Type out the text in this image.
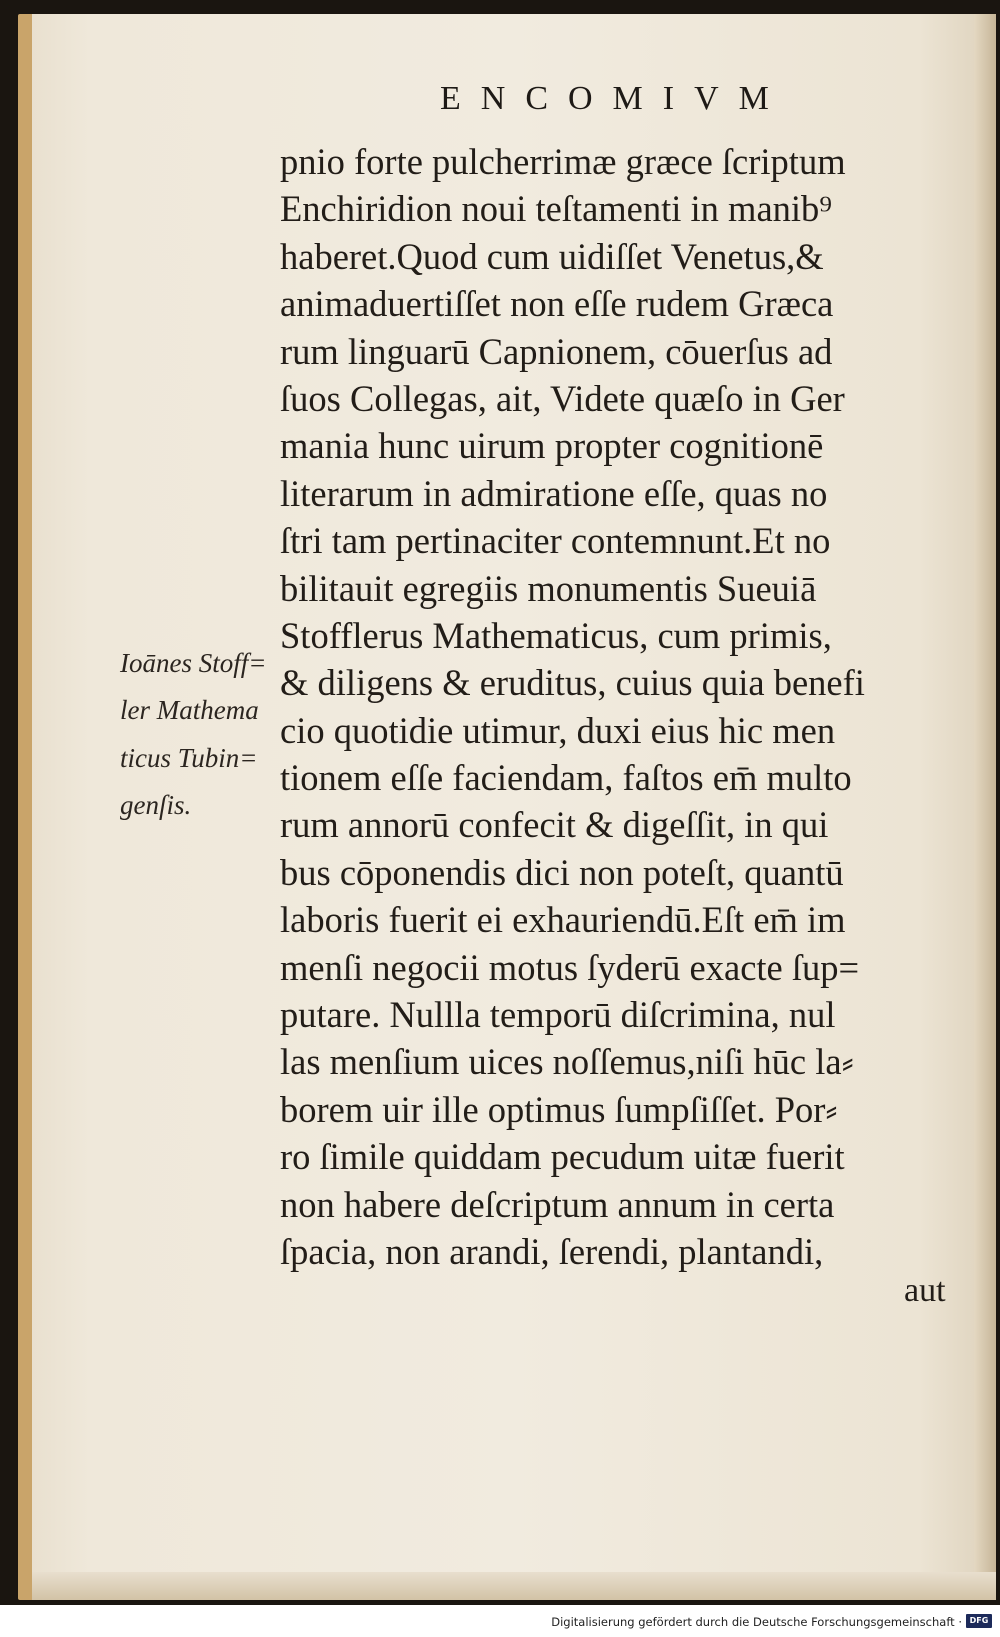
ENCOMIVM
Ioānes Stoff=
ler Mathema
ticus Tubin=
genſis.
pnio forte pulcherrimæ græce ſcriptum
Enchiridion noui teſtamenti in manib⁹
haberet.Quod cum uidiſſet Venetus,&
animaduertiſſet non eſſe rudem Græca
rum linguarū Capnionem, cōuerſus ad
ſuos Collegas, ait, Videte quæſo in Ger
mania hunc uirum propter cognitionē
literarum in admiratione eſſe, quas no
ſtri tam pertinaciter contemnunt.Et no
bilitauit egregiis monumentis Sueuiā
Stofflerus Mathematicus, cum primis,
& diligens & eruditus, cuius quia benefi
cio quotidie utimur, duxi eius hic men
tionem eſſe faciendam, faſtos em̄ multo
rum annorū confecit & digeſſit, in qui
bus cōponendis dici non poteſt, quantū
laboris fuerit ei exhauriendū.Eſt em̄ im
menſi negocii motus ſyderū exacte ſup=
putare. Nullla temporū diſcrimina, nul
las menſium uices noſſemus,niſi hūc la⸗
borem uir ille optimus ſumpſiſſet. Por⸗
ro ſimile quiddam pecudum uitæ fuerit
non habere deſcriptum annum in certa
ſpacia, non arandi, ſerendi, plantandi,
aut
Digitalisierung gefördert durch die Deutsche Forschungsgemeinschaft · DFG
